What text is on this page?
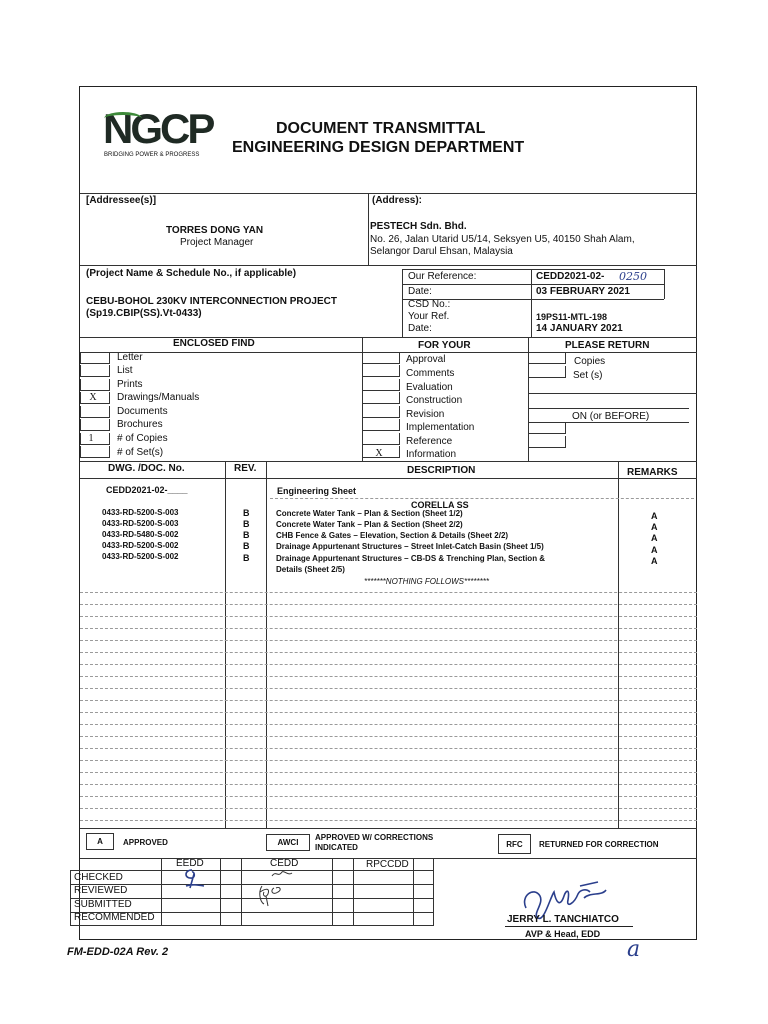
NGCP
BRIDGING POWER & PROGRESS
DOCUMENT TRANSMITTAL
ENGINEERING DESIGN DEPARTMENT
[Addressee(s)]
TORRES DONG YAN
Project Manager
(Address):
PESTECH Sdn. Bhd.
No. 26, Jalan Utarid U5/14, Seksyen U5, 40150 Shah Alam,
Selangor Darul Ehsan, Malaysia
(Project Name & Schedule No., if applicable)
CEBU-BOHOL 230KV INTERCONNECTION PROJECT
(Sp19.CBIP(SS).Vt-0433)
Our Reference:	CEDD2021-02- 0250
Date:	03 FEBRUARY 2021
CSD No.:
Your Ref.	19PS11-MTL-198
Date:	14 JANUARY 2021
ENCLOSED FIND	FOR YOUR	PLEASE RETURN
Letter
List
Prints
X	Drawings/Manuals
Documents
Brochures
1	# of Copies
# of Set(s)
Approval
Comments
Evaluation
Construction
Revision
Implementation
Reference
X	Information
Copies
Set (s)
ON (or BEFORE)
DWG. /DOC. No.	REV.	DESCRIPTION	REMARKS
CEDD2021-02-____	Engineering Sheet
CORELLA SS
0433-RD-5200-S-003	B	Concrete Water Tank – Plan & Section (Sheet 1/2)	A
0433-RD-5200-S-003	B	Concrete Water Tank – Plan & Section (Sheet 2/2)	A
0433-RD-5480-S-002	B	CHB Fence & Gates – Elevation, Section & Details (Sheet 2/2)	A
0433-RD-5200-S-002	B	Drainage Appurtenant Structures – Street Inlet-Catch Basin (Sheet 1/5)	A
0433-RD-5200-S-002	B	Drainage Appurtenant Structures – CB-DS & Trenching Plan, Section &	A
Details (Sheet 2/5)
*******NOTHING FOLLOWS********
A	APPROVED	AWCI
APPROVED W/ CORRECTIONS
INDICATED	RFC	RETURNED FOR CORRECTION
EEDD	CEDD	RPCCDD
CHECKED
REVIEWED
SUBMITTED
RECOMMENDED	JERRY L. TANCHIATCO
AVP & Head, EDD
FM-EDD-02A Rev. 2	a
